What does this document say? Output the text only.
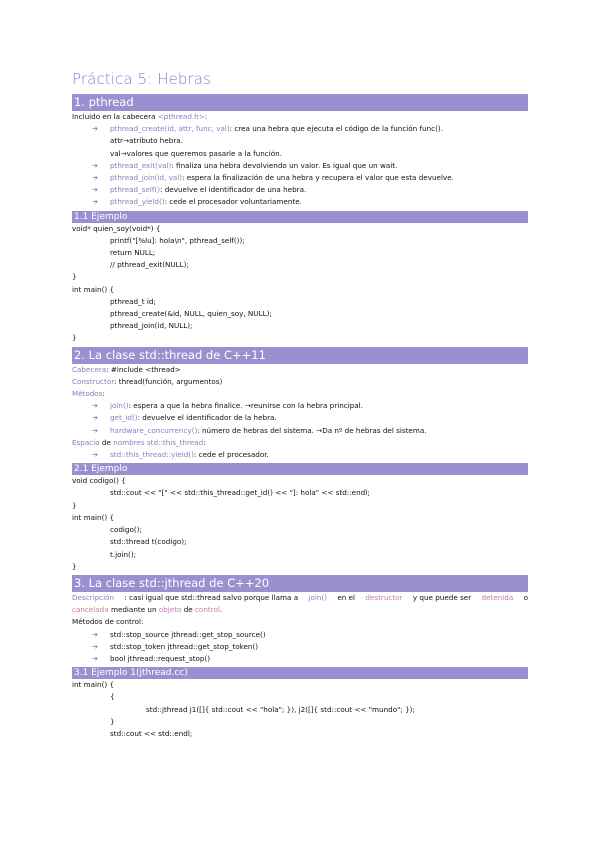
Práctica 5: Hebras
1. pthread
Incluido en la cabecera <pthread.h>:
➔ pthread_create(id, attr, func, val): crea una hebra que ejecuta el código de la función func().
attr→atributo hebra.
val→valores que queremos pasarle a la función.
➔ pthread_exit(val): finaliza una hebra devolviendo un valor. Es igual que un wait.
➔ pthread_join(id, val): espera la finalización de una hebra y recupera el valor que esta devuelve.
➔ pthread_self(): devuelve el identificador de una hebra.
➔ pthread_yield(): cede el procesador voluntariamente.
1.1 Ejemplo
void* quien_soy(void*) {
printf("[%lu]: hola\n", pthread_self());
return NULL;
// pthread_exit(NULL);
}
int main() {
pthread_t id;
pthread_create(&id, NULL, quien_soy, NULL);
pthread_join(id, NULL);
}
2. La clase std::thread de C++11
Cabecera: #include <thread>
Constructor: thread(función, argumentos)
Métodos:
➔ join(): espera a que la hebra finalice. →reunirse con la hebra principal.
➔ get_id(): devuelve el identificador de la hebra.
➔ hardware_concurrency(): número de hebras del sistema. →Da nº de hebras del sistema.
Espacio de nombres std::this_thread:
➔ std::this_thread::yield(): cede el procesador.
2.1 Ejemplo
void codigo() {
std::cout << "[" << std::this_thread::get_id() << "]: hola" << std::endl;
}
int main() {
codigo();
std::thread t(codigo);
t.join();
}
3. La clase std::jthread de C++20
Descripción : casi igual que std::thread salvo porque llama a join() en el destructor y que puede ser detenida o
cancelada mediante un objeto de control.
Métodos de control:
➔ std::stop_source jthread::get_stop_source()
➔ std::stop_token jthread::get_stop_token()
➔ bool jthread::request_stop()
3.1 Ejemplo 1(jthread.cc)
int main() {
{
std::jthread j1([]{ std::cout << "hola"; }), j2([]{ std::cout << "mundo"; });
}
std::cout << std::endl;
